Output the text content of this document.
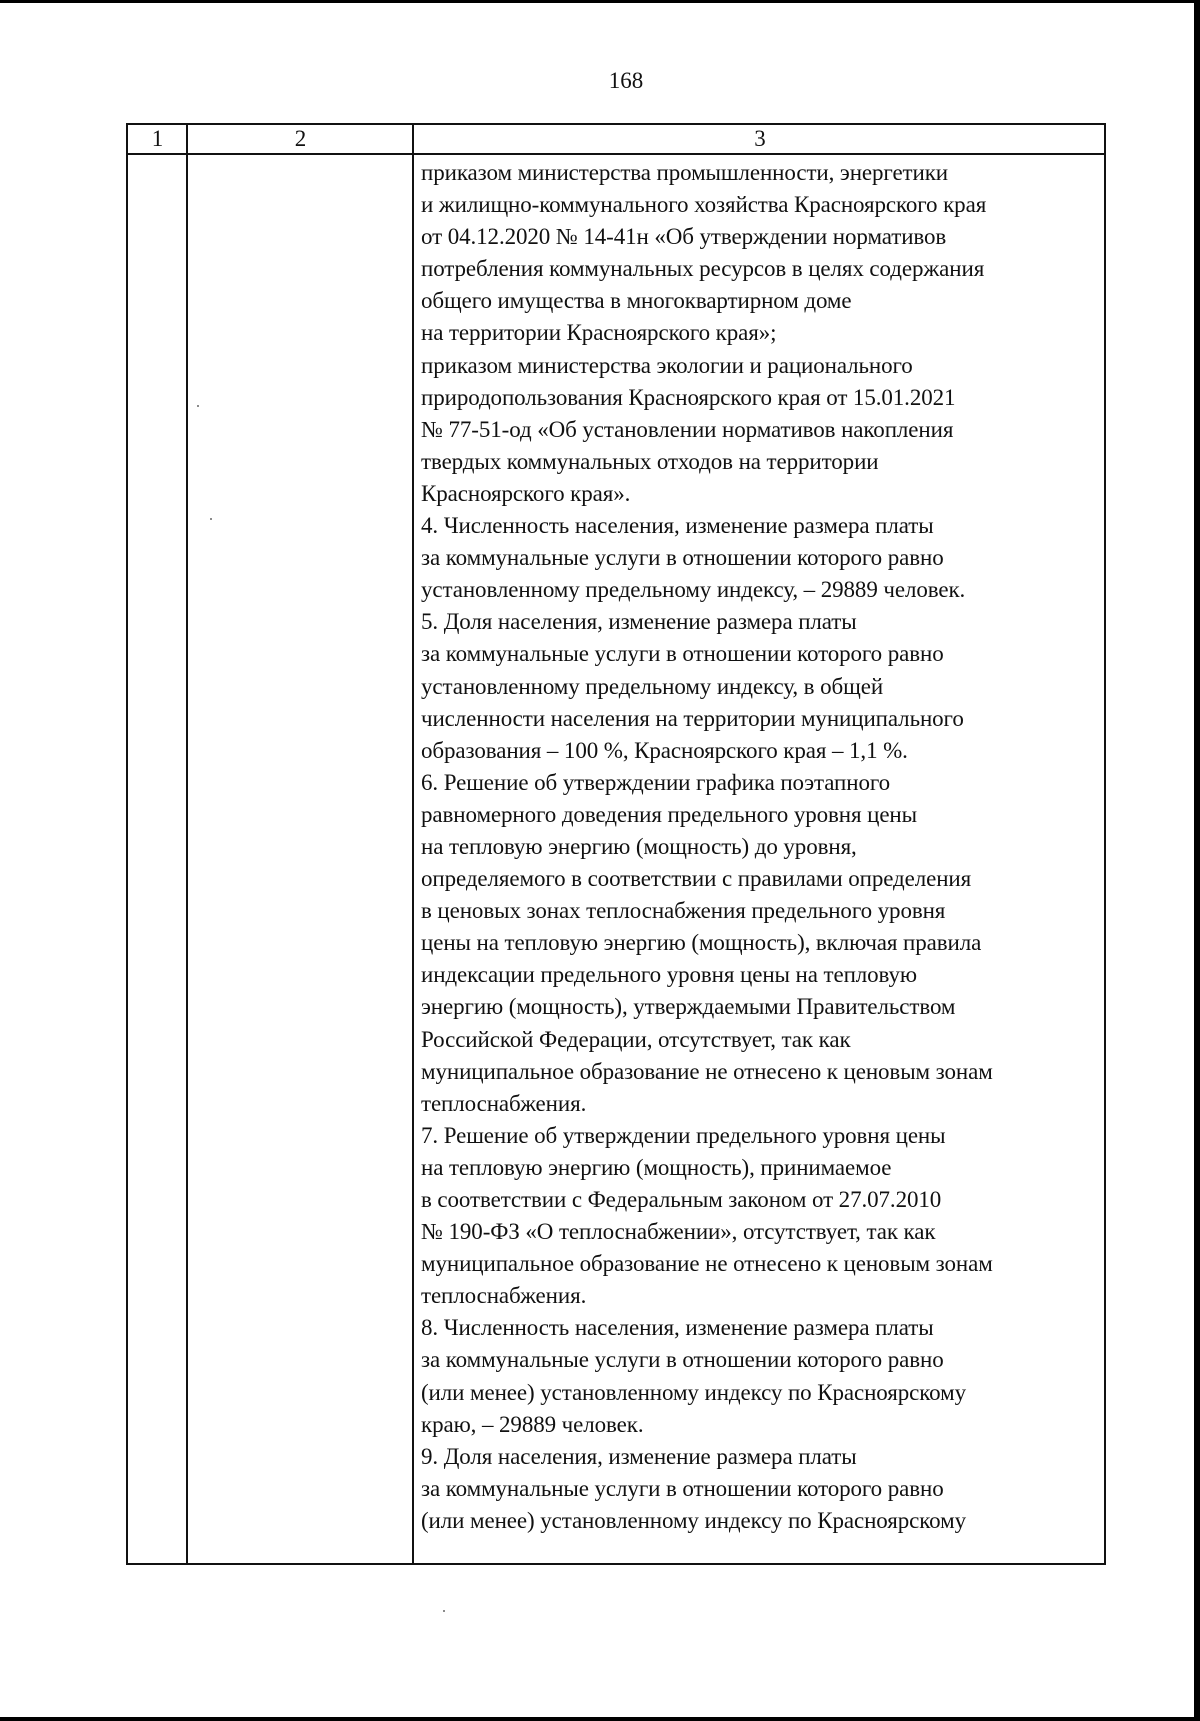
168
1	2	3
приказом министерства промышленности, энергетики
и жилищно-коммунального хозяйства Красноярского края
от 04.12.2020 № 14-41н «Об утверждении нормативов
потребления коммунальных ресурсов в целях содержания
общего имущества в многоквартирном доме
на территории Красноярского края»;
приказом министерства экологии и рационального
природопользования Красноярского края от 15.01.2021
№ 77-51-од «Об установлении нормативов накопления
твердых коммунальных отходов на территории
Красноярского края».
4. Численность населения, изменение размера платы
за коммунальные услуги в отношении которого равно
установленному предельному индексу, – 29889 человек.
5. Доля населения, изменение размера платы
за коммунальные услуги в отношении которого равно
установленному предельному индексу, в общей
численности населения на территории муниципального
образования – 100 %, Красноярского края – 1,1 %.
6. Решение об утверждении графика поэтапного
равномерного доведения предельного уровня цены
на тепловую энергию (мощность) до уровня,
определяемого в соответствии с правилами определения
в ценовых зонах теплоснабжения предельного уровня
цены на тепловую энергию (мощность), включая правила
индексации предельного уровня цены на тепловую
энергию (мощность), утверждаемыми Правительством
Российской Федерации, отсутствует, так как
муниципальное образование не отнесено к ценовым зонам
теплоснабжения.
7. Решение об утверждении предельного уровня цены
на тепловую энергию (мощность), принимаемое
в соответствии с Федеральным законом от 27.07.2010
№ 190-ФЗ «О теплоснабжении», отсутствует, так как
муниципальное образование не отнесено к ценовым зонам
теплоснабжения.
8. Численность населения, изменение размера платы
за коммунальные услуги в отношении которого равно
(или менее) установленному индексу по Красноярскому
краю, – 29889 человек.
9. Доля населения, изменение размера платы
за коммунальные услуги в отношении которого равно
(или менее) установленному индексу по Красноярскому
